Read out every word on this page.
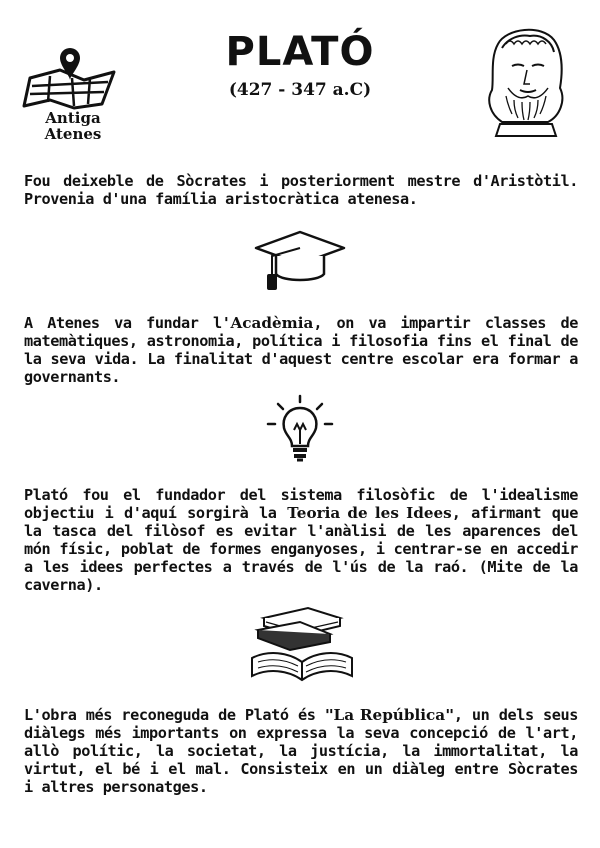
PLATÓ
(427 - 347 a.C)
Antiga
Atenes
Fou deixeble de Sòcrates i posteriorment mestre d'Aristòtil. Provenia d'una família aristocràtica atenesa.
A Atenes va fundar l'Acadèmia, on va impartir classes de matemàtiques, astronomia, política i filosofia fins el final de la seva vida. La finalitat d'aquest centre escolar era formar a governants.
Plató fou el fundador del sistema filosòfic de l'idealisme objectiu i d'aquí sorgirà la Teoria de les Idees, afirmant que la tasca del filòsof es evitar l'anàlisi de les aparences del món físic, poblat de formes enganyoses, i centrar-se en accedir a les idees perfectes a través de l'ús de la raó. (Mite de la caverna).
L'obra més reconeguda de Plató és "La República", un dels seus diàlegs més importants on expressa la seva concepció de l'art, allò polític, la societat, la justícia, la immortalitat, la virtut, el bé i el mal. Consisteix en un diàleg entre Sòcrates i altres personatges.
